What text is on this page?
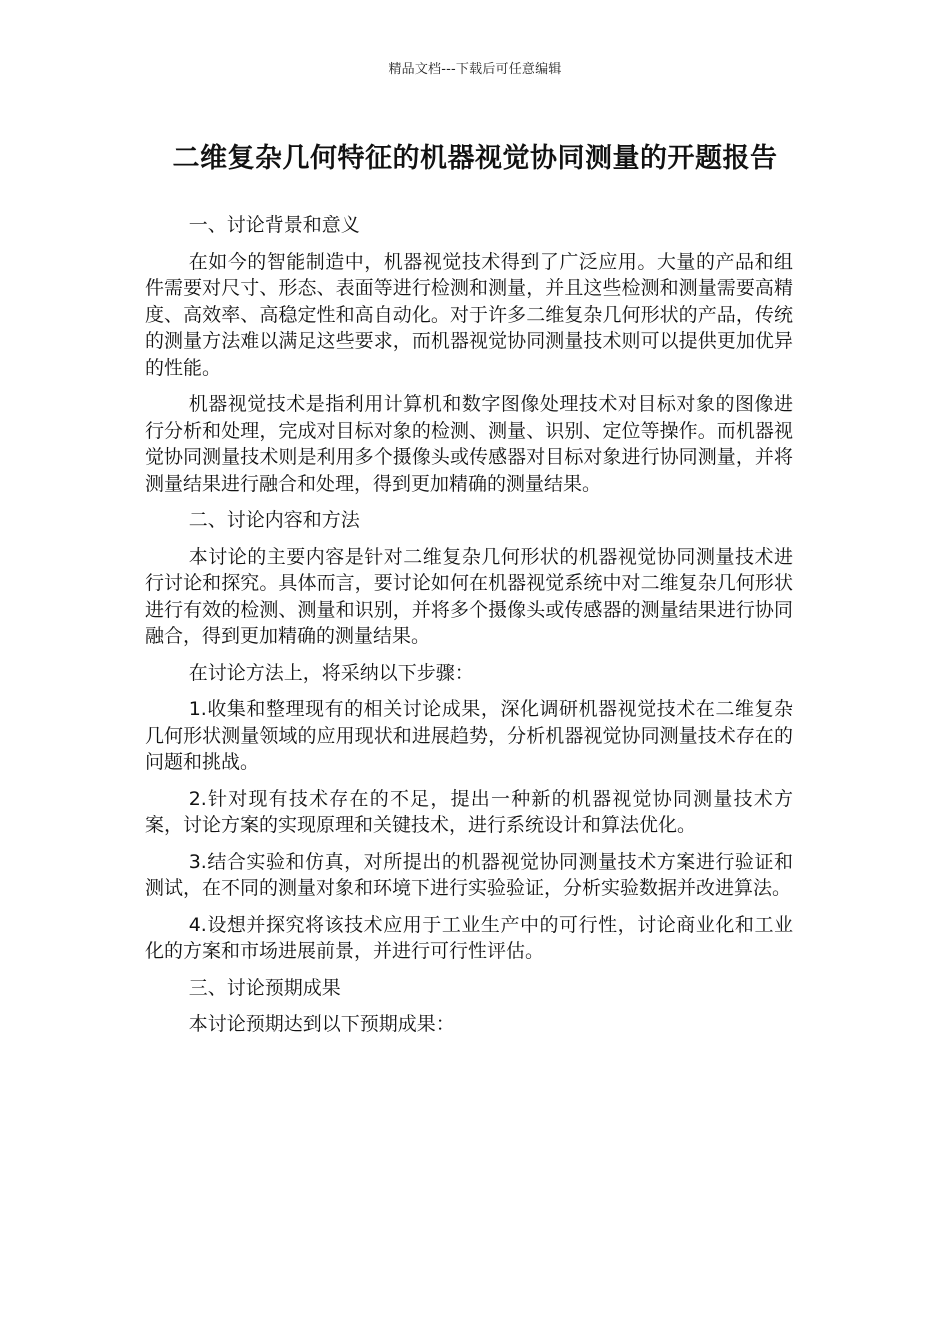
精品文档---下载后可任意编辑
二维复杂几何特征的机器视觉协同测量的开题报告

一、讨论背景和意义

在如今的智能制造中，机器视觉技术得到了广泛应用。大量的产品和组件需要对尺寸、形态、表面等进行检测和测量，并且这些检测和测量需要高精度、高效率、高稳定性和高自动化。对于许多二维复杂几何形状的产品，传统的测量方法难以满足这些要求，而机器视觉协同测量技术则可以提供更加优异的性能。

机器视觉技术是指利用计算机和数字图像处理技术对目标对象的图像进行分析和处理，完成对目标对象的检测、测量、识别、定位等操作。而机器视觉协同测量技术则是利用多个摄像头或传感器对目标对象进行协同测量，并将测量结果进行融合和处理，得到更加精确的测量结果。

二、讨论内容和方法

本讨论的主要内容是针对二维复杂几何形状的机器视觉协同测量技术进行讨论和探究。具体而言，要讨论如何在机器视觉系统中对二维复杂几何形状进行有效的检测、测量和识别，并将多个摄像头或传感器的测量结果进行协同融合，得到更加精确的测量结果。

在讨论方法上，将采纳以下步骤：

1.收集和整理现有的相关讨论成果，深化调研机器视觉技术在二维复杂几何形状测量领域的应用现状和进展趋势，分析机器视觉协同测量技术存在的问题和挑战。

2.针对现有技术存在的不足，提出一种新的机器视觉协同测量技术方案，讨论方案的实现原理和关键技术，进行系统设计和算法优化。

3.结合实验和仿真，对所提出的机器视觉协同测量技术方案进行验证和测试，在不同的测量对象和环境下进行实验验证，分析实验数据并改进算法。

4.设想并探究将该技术应用于工业生产中的可行性，讨论商业化和工业化的方案和市场进展前景，并进行可行性评估。

三、讨论预期成果

本讨论预期达到以下预期成果：
